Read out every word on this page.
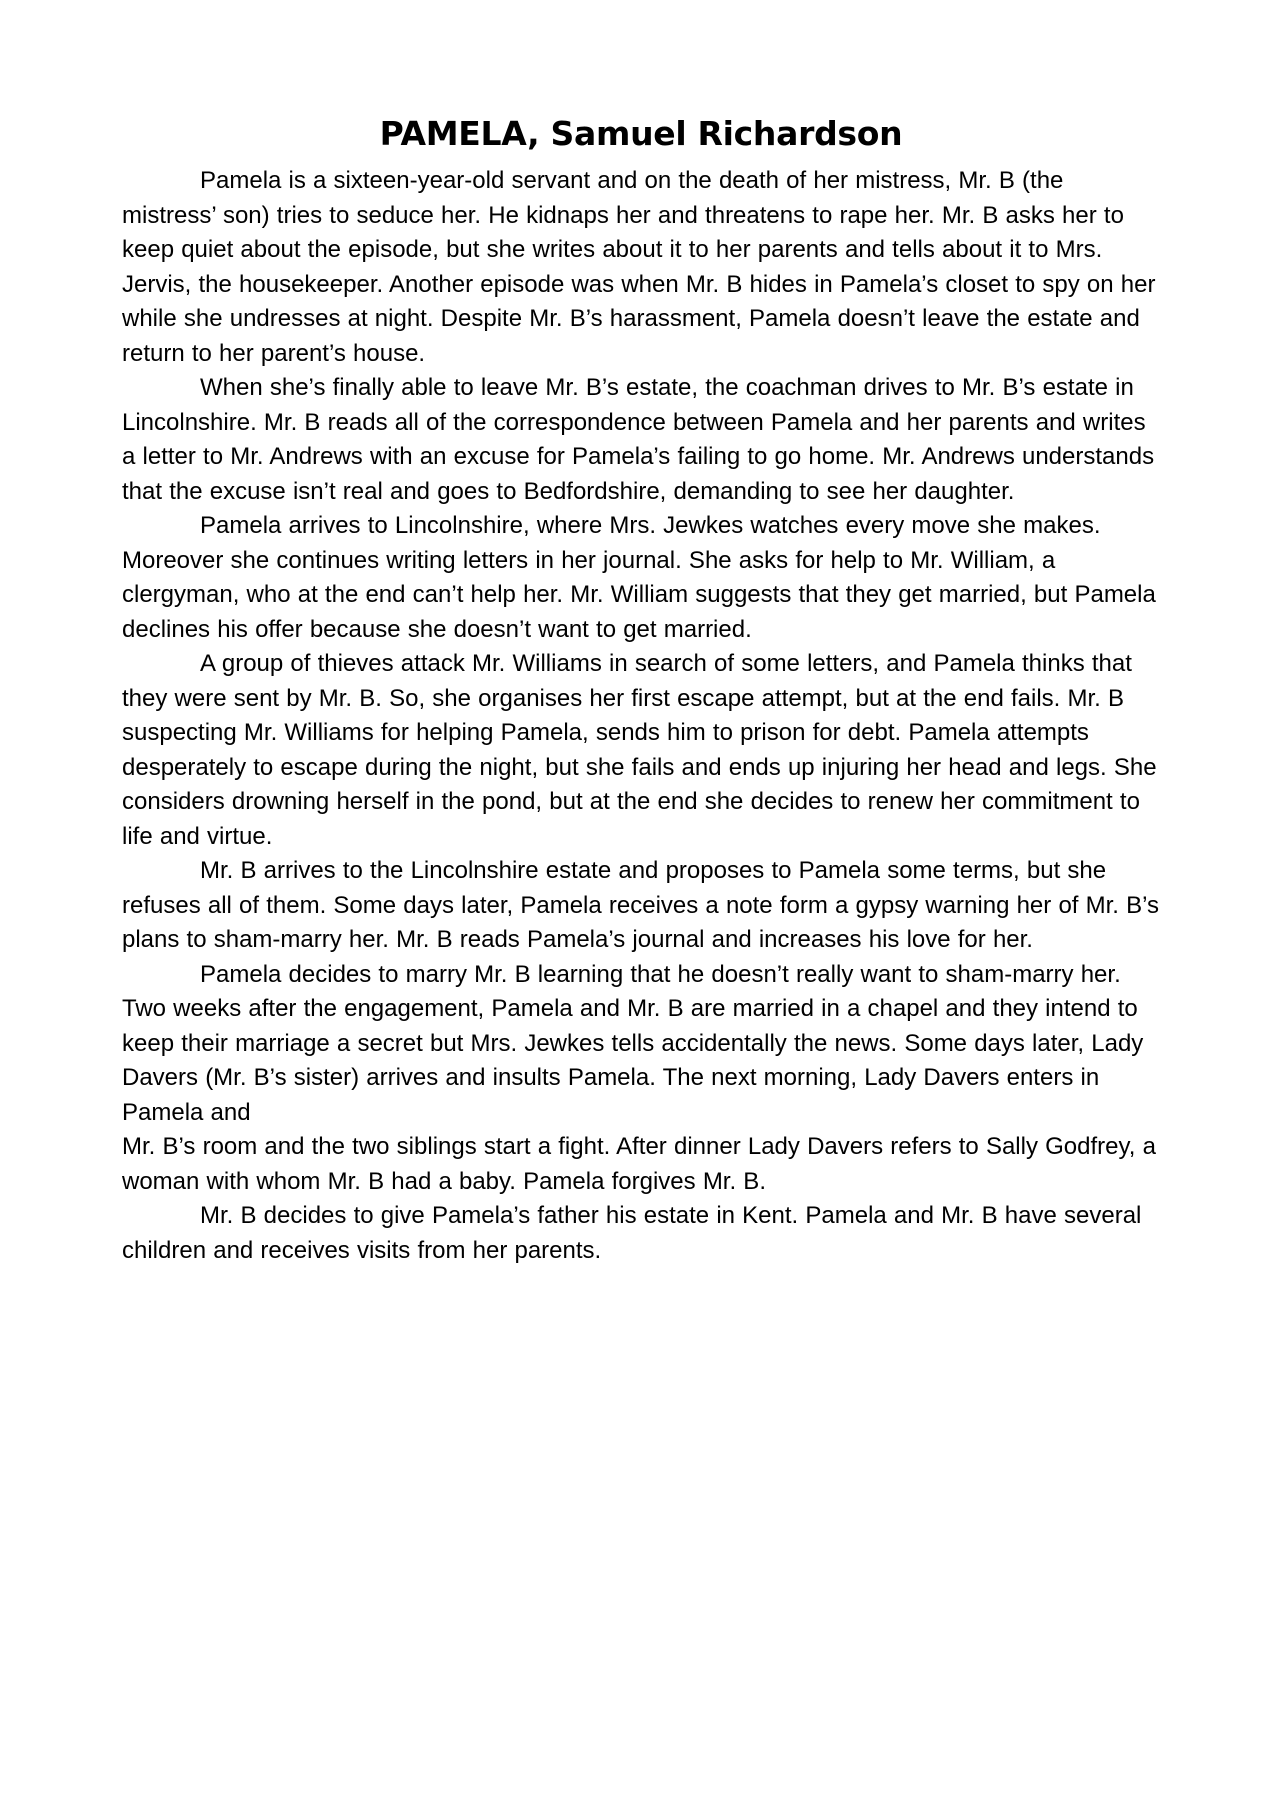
PAMELA, Samuel Richardson

Pamela is a sixteen-year-old servant and on the death of her mistress, Mr. B (the mistress’ son) tries to seduce her. He kidnaps her and threatens to rape her. Mr. B asks her to keep quiet about the episode, but she writes about it to her parents and tells about it to Mrs. Jervis, the housekeeper. Another episode was when Mr. B hides in Pamela’s closet to spy on her while she undresses at night. Despite Mr. B’s harassment, Pamela doesn’t leave the estate and return to her parent’s house.

When she’s finally able to leave Mr. B’s estate, the coachman drives to Mr. B’s estate in Lincolnshire. Mr. B reads all of the correspondence between Pamela and her parents and writes a letter to Mr. Andrews with an excuse for Pamela’s failing to go home. Mr. Andrews understands that the excuse isn’t real and goes to Bedfordshire, demanding to see her daughter.

Pamela arrives to Lincolnshire, where Mrs. Jewkes watches every move she makes. Moreover she continues writing letters in her journal. She asks for help to Mr. William, a clergyman, who at the end can’t help her. Mr. William suggests that they get married, but Pamela declines his offer because she doesn’t want to get married.

A group of thieves attack Mr. Williams in search of some letters, and Pamela thinks that they were sent by Mr. B. So, she organises her first escape attempt, but at the end fails. Mr. B suspecting Mr. Williams for helping Pamela, sends him to prison for debt. Pamela attempts desperately to escape during the night, but she fails and ends up injuring her head and legs. She considers drowning herself in the pond, but at the end she decides to renew her commitment to life and virtue.

Mr. B arrives to the Lincolnshire estate and proposes to Pamela some terms, but she refuses all of them. Some days later, Pamela receives a note form a gypsy warning her of Mr. B’s plans to sham-marry her. Mr. B reads Pamela’s journal and increases his love for her.

Pamela decides to marry Mr. B learning that he doesn’t really want to sham-marry her. Two weeks after the engagement, Pamela and Mr. B are married in a chapel and they intend to keep their marriage a secret but Mrs. Jewkes tells accidentally the news. Some days later, Lady Davers (Mr. B’s sister) arrives and insults Pamela. The next morning, Lady Davers enters in Pamela and

Mr. B’s room and the two siblings start a fight. After dinner Lady Davers refers to Sally Godfrey, a woman with whom Mr. B had a baby. Pamela forgives Mr. B.

Mr. B decides to give Pamela’s father his estate in Kent. Pamela and Mr. B have several children and receives visits from her parents.
